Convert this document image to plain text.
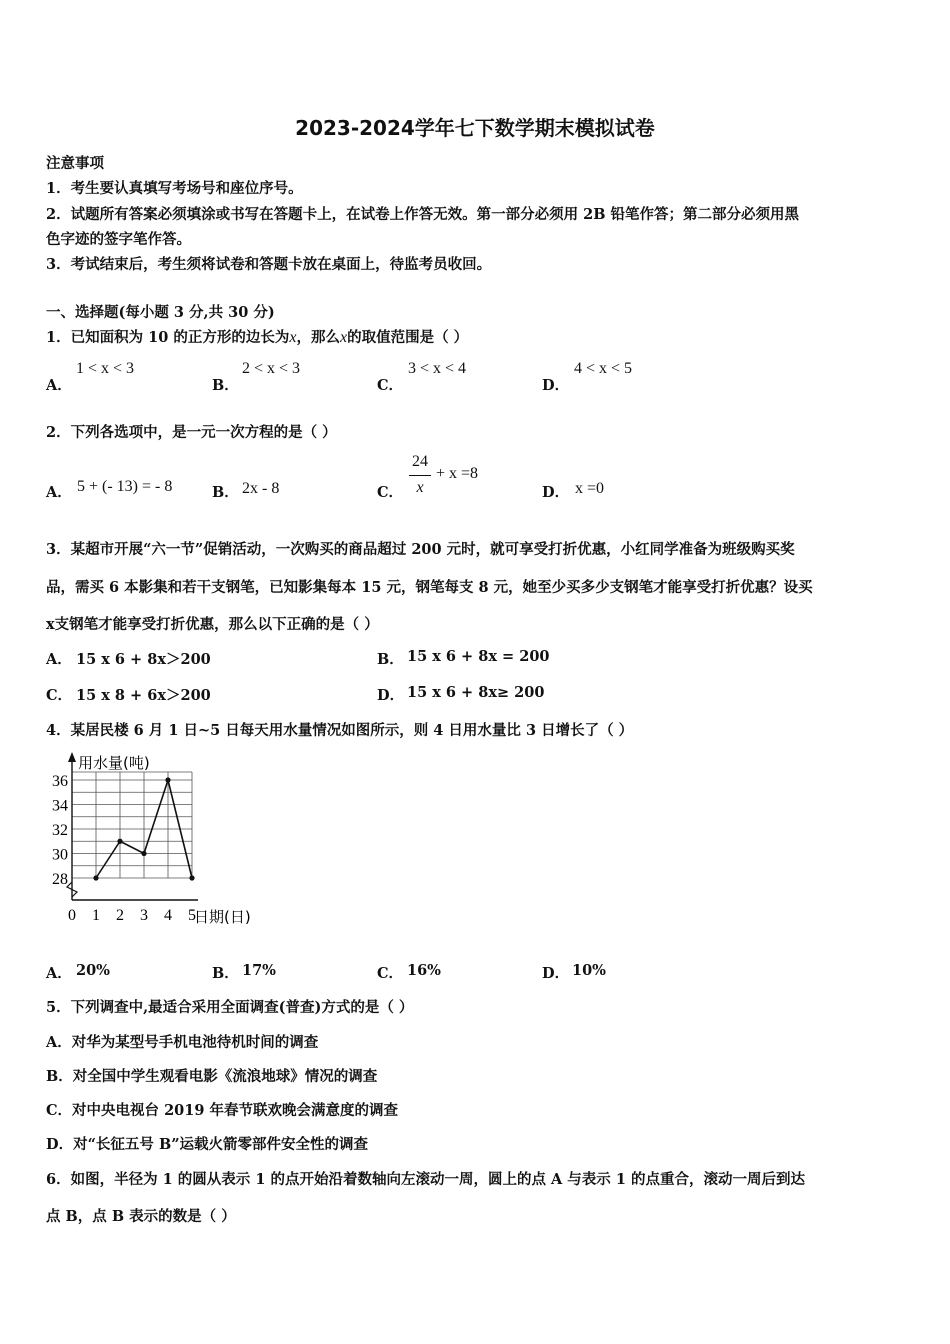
2023-2024学年七下数学期末模拟试卷
注意事项
1．考生要认真填写考场号和座位序号。
2．试题所有答案必须填涂或书写在答题卡上，在试卷上作答无效。第一部分必须用 2B 铅笔作答；第二部分必须用黑
色字迹的签字笔作答。
3．考试结束后，考生须将试卷和答题卡放在桌面上，待监考员收回。
一、选择题(每小题 3 分,共 30 分)
1．已知面积为 10 的正方形的边长为x，那么x的取值范围是（ ）
A．
1 < x < 3
B．
2 < x < 3
C．
3 < x < 4
D．
4 < x < 5
2．下列各选项中，是一元一次方程的是（ ）
A． 5 + (- 13) = - 8	B． 2x - 8	C．
24
x
+ x =8
D． x =0
3．某超市开展“六一节”促销活动，一次购买的商品超过 200 元时，就可享受打折优惠，小红同学准备为班级购买奖
品，需买 6 本影集和若干支钢笔，已知影集每本 15 元，钢笔每支 8 元，她至少买多少支钢笔才能享受打折优惠？设买
x支钢笔才能享受打折优惠，那么以下正确的是（ ）
A． 15 x 6 + 8x＞200	B． 15 x 6 + 8x = 200
C． 15 x 8 + 6x＞200	D． 15 x 6 + 8x≥ 200
4．某居民楼 6 月 1 日~5 日每天用水量情况如图所示，则 4 日用水量比 3 日增长了（ ）
28
30
32
34
36
0 1 2 3 4 5
用水量(吨)
日期(日)
A． 20%	B． 17%	C． 16%	D． 10%
5．下列调查中,最适合采用全面调查(普查)方式的是（ ）
A．对华为某型号手机电池待机时间的调查
B．对全国中学生观看电影《流浪地球》情况的调查
C．对中央电视台 2019 年春节联欢晚会满意度的调查
D．对“长征五号 B”运载火箭零部件安全性的调查
6．如图，半径为 1 的圆从表示 1 的点开始沿着数轴向左滚动一周，圆上的点 A 与表示 1 的点重合，滚动一周后到达
点 B，点 B 表示的数是（ ）
